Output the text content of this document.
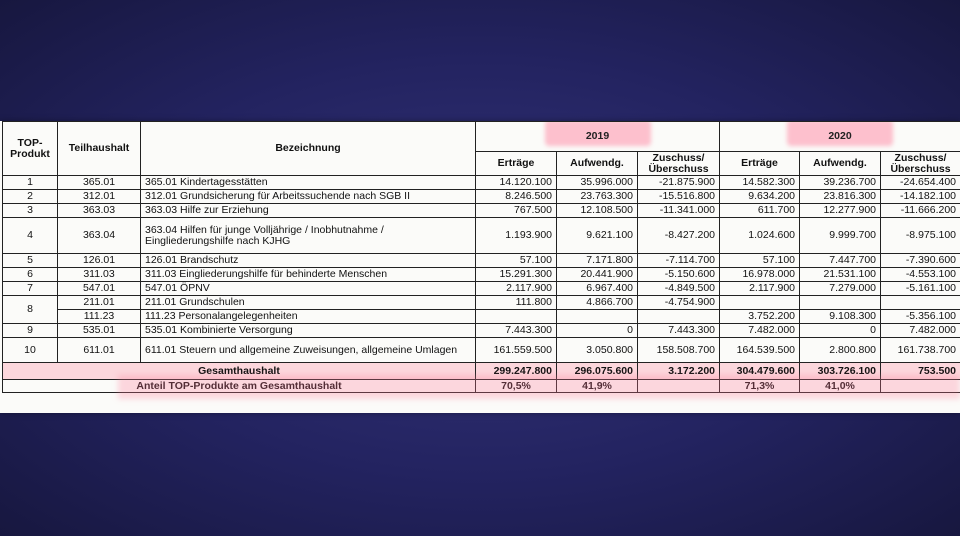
TOP-
Produkt	Teilhaushalt	Bezeichnung	2019			2020		
			Erträge	Aufwendg.	Zuschuss/ Überschuss	Erträge	Aufwendg.	Zuschuss/ Überschuss
1	365.01	365.01 Kindertagesstätten	14.120.100	35.996.000	-21.875.900	14.582.300	39.236.700	-24.654.400
2	312.01	312.01 Grundsicherung für Arbeitssuchende nach SGB II	8.246.500	23.763.300	-15.516.800	9.634.200	23.816.300	-14.182.100
3	363.03	363.03 Hilfe zur Erziehung	767.500	12.108.500	-11.341.000	611.700	12.277.900	-11.666.200
4	363.04	363.04 Hilfen für junge Volljährige / Inobhutnahme / Eingliederungshilfe nach KJHG	1.193.900	9.621.100	-8.427.200	1.024.600	9.999.700	-8.975.100
5	126.01	126.01 Brandschutz	57.100	7.171.800	-7.114.700	57.100	7.447.700	-7.390.600
6	311.03	311.03 Eingliederungshilfe für behinderte Menschen	15.291.300	20.441.900	-5.150.600	16.978.000	21.531.100	-4.553.100
7	547.01	547.01 ÖPNV	2.117.900	6.967.400	-4.849.500	2.117.900	7.279.000	-5.161.100
8	211.01	211.01 Grundschulen	111.800	4.866.700	-4.754.900			
	111.23	111.23 Personalangelegenheiten				3.752.200	9.108.300	-5.356.100
9	535.01	535.01 Kombinierte Versorgung	7.443.300	0	7.443.300	7.482.000	0	7.482.000
10	611.01	611.01 Steuern und allgemeine Zuweisungen, allgemeine Umlagen	161.559.500	3.050.800	158.508.700	164.539.500	2.800.800	161.738.700
Gesamthaushalt			299.247.800	296.075.600	3.172.200	304.479.600	303.726.100	753.500
Anteil TOP-Produkte am Gesamthaushalt			70,5%	41,9%		71,3%	41,0%	
